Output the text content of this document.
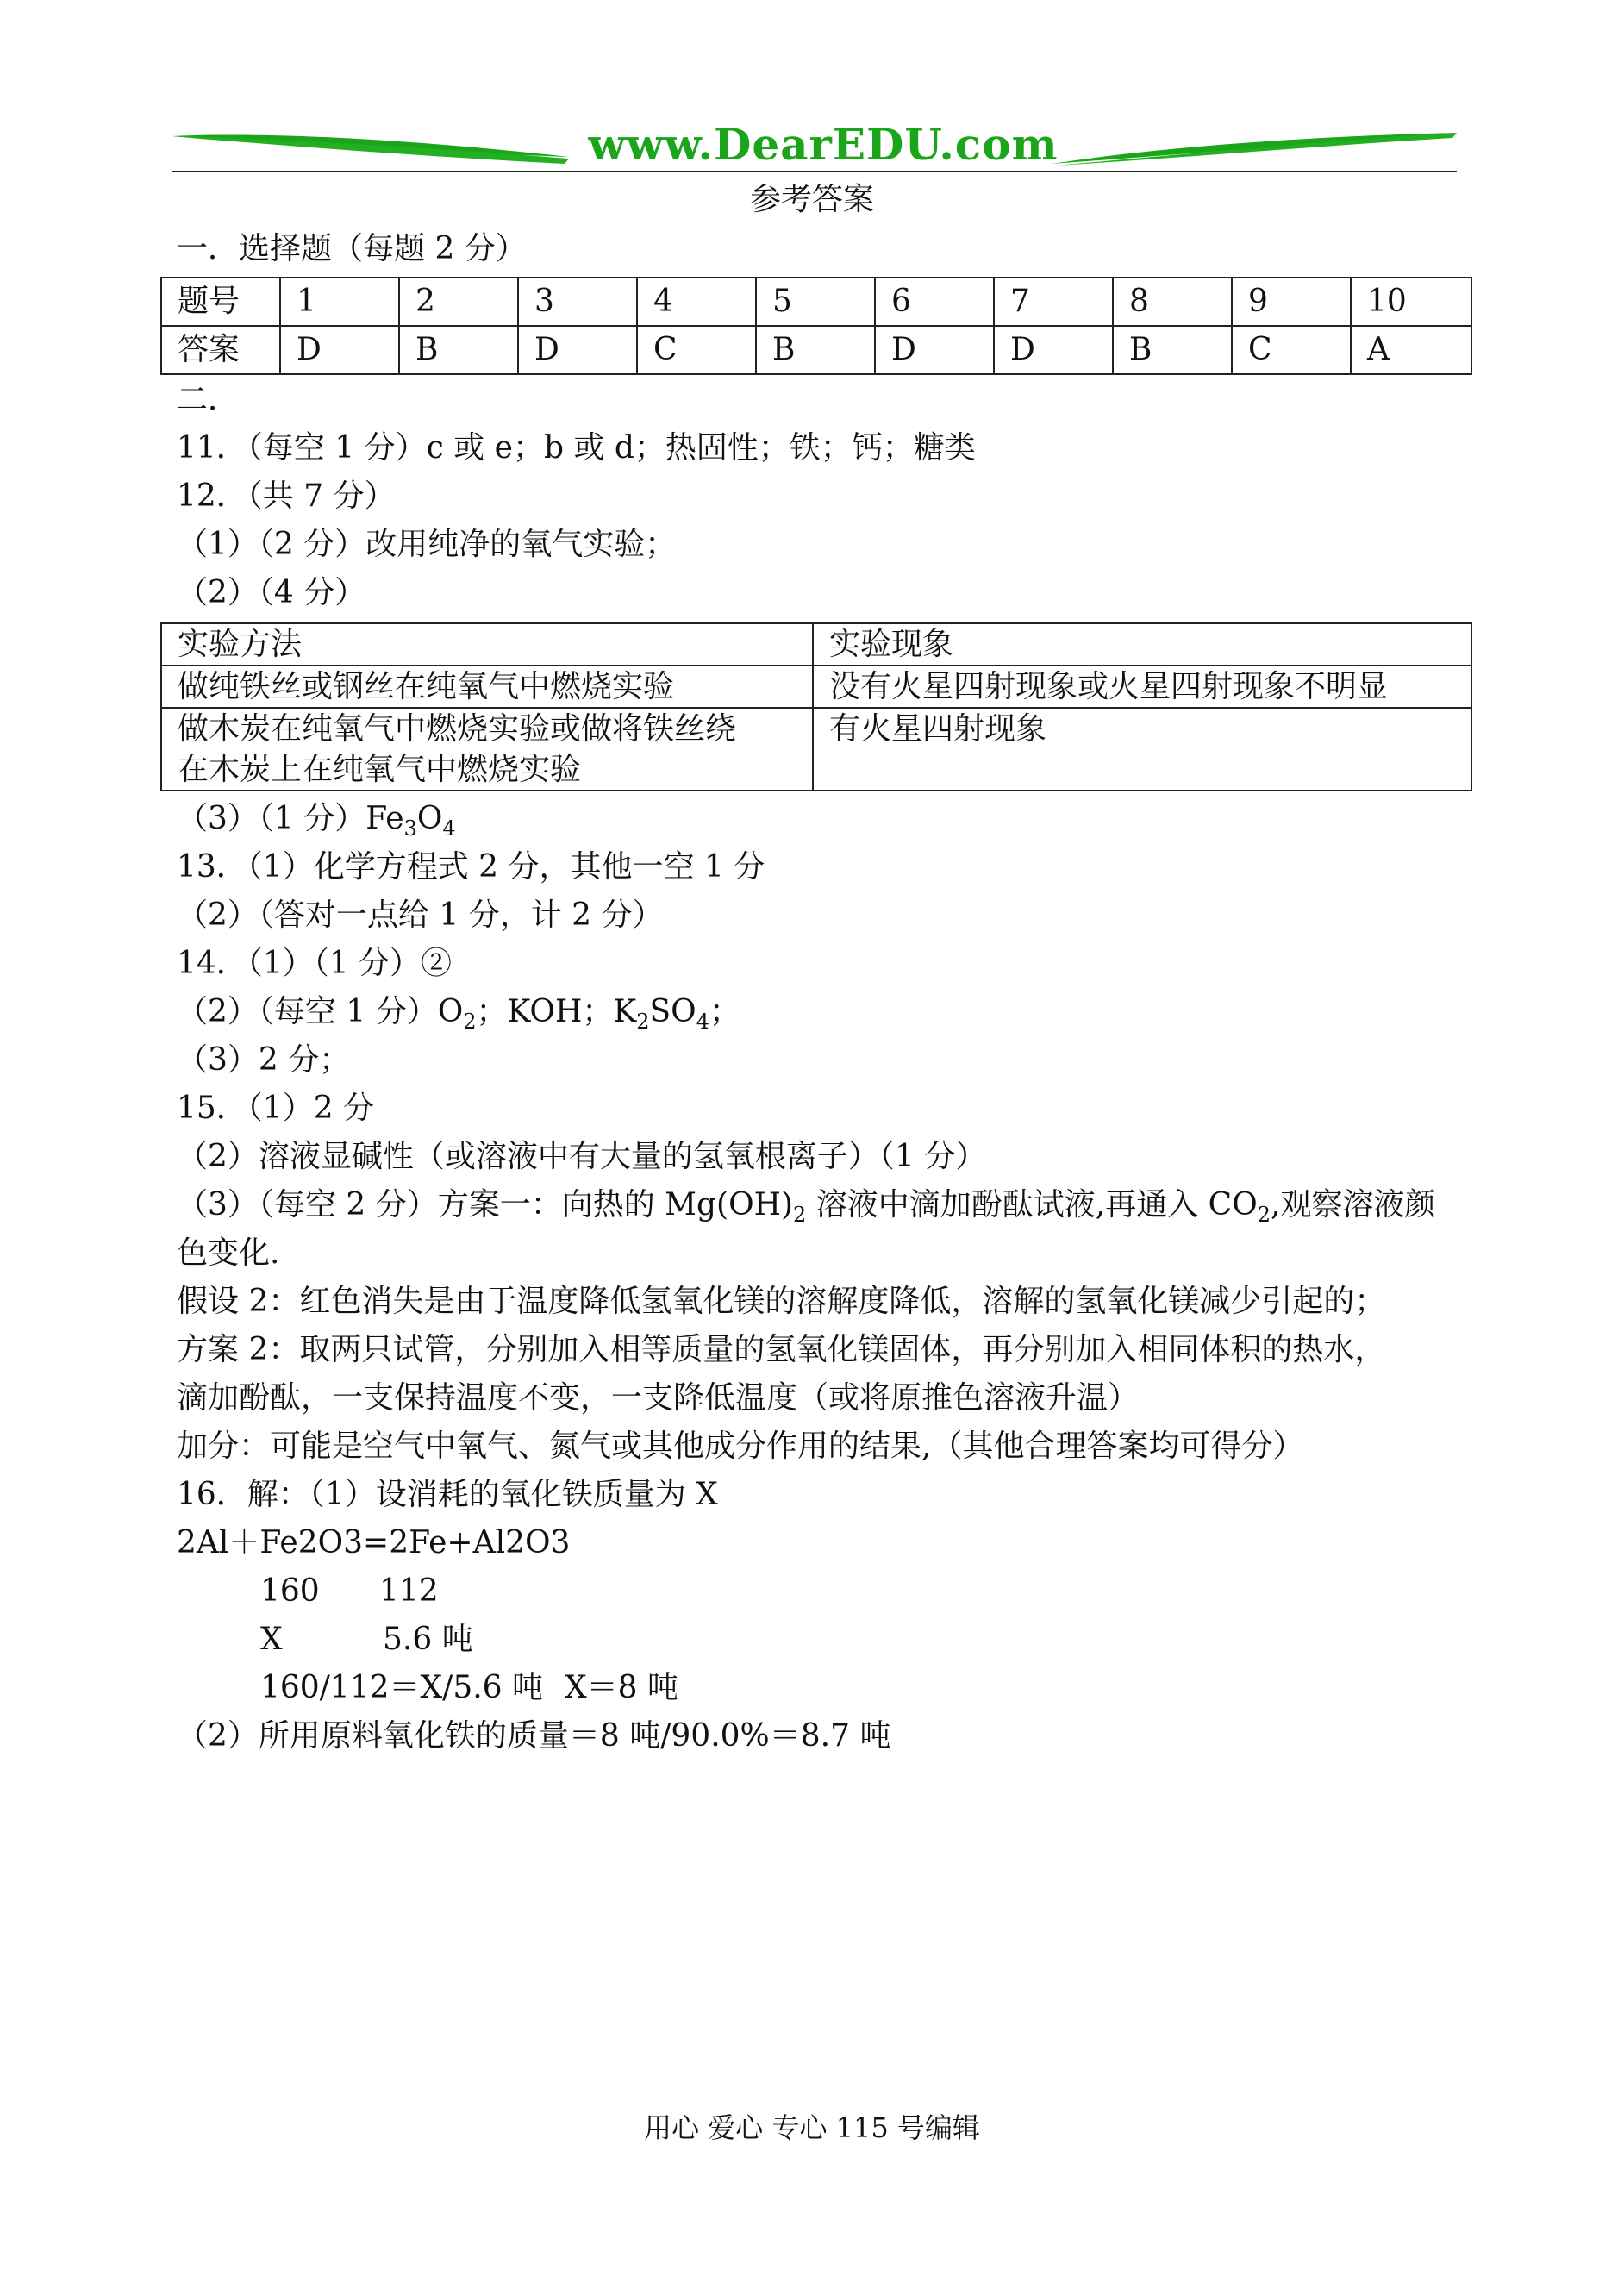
www.DearEDU.com
参考答案
一．选择题（每题 2 分）
题号	1	2	3	4	5	6	7	8	9	10
答案	D	B	D	C	B	D	D	B	C	A
二．
11．（每空 1 分）c 或 e；b 或 d；热固性；铁；钙；糖类
12．（共 7 分）
（1）（2 分）改用纯净的氧气实验；
（2）（4 分）
实验方法	实验现象
做纯铁丝或钢丝在纯氧气中燃烧实验	没有火星四射现象或火星四射现象不明显

做木炭在纯氧气中燃烧实验或做将铁丝绕
在木炭上在纯氧气中燃烧实验	有火星四射现象
（3）（1 分）$Fe_3O_4$
13．（1）化学方程式 2 分，其他一空 1 分
（2）（答对一点给 1 分，计 2 分）
14．（1）（1 分）②
（2）（每空 1 分）$O_2$；KOH；$K_2SO_4$；
（3）2 分；
15．（1）2 分
（2）溶液显碱性（或溶液中有大量的氢氧根离子）（1 分）
（3）（每空 2 分）方案一：向热的 $Mg(OH)_2$ 溶液中滴加酚酞试液,再通入 $CO_2$,观察溶液颜
色变化.
假设 2：红色消失是由于温度降低氢氧化镁的溶解度降低，溶解的氢氧化镁减少引起的；
方案 2：取两只试管，分别加入相等质量的氢氧化镁固体，再分别加入相同体积的热水，
滴加酚酞，一支保持温度不变，一支降低温度（或将原推色溶液升温）
加分：可能是空气中氧气、氮气或其他成分作用的结果,（其他合理答案均可得分）
16．解：（1）设消耗的氧化铁质量为 X
2Al＋Fe2O3=2Fe+Al2O3
160 112
X	5.6 吨
160/112＝X/5.6 吨 X＝8 吨
（2）所用原料氧化铁的质量＝8 吨/90.0%＝8.7 吨
用心 爱心 专心 115 号编辑
